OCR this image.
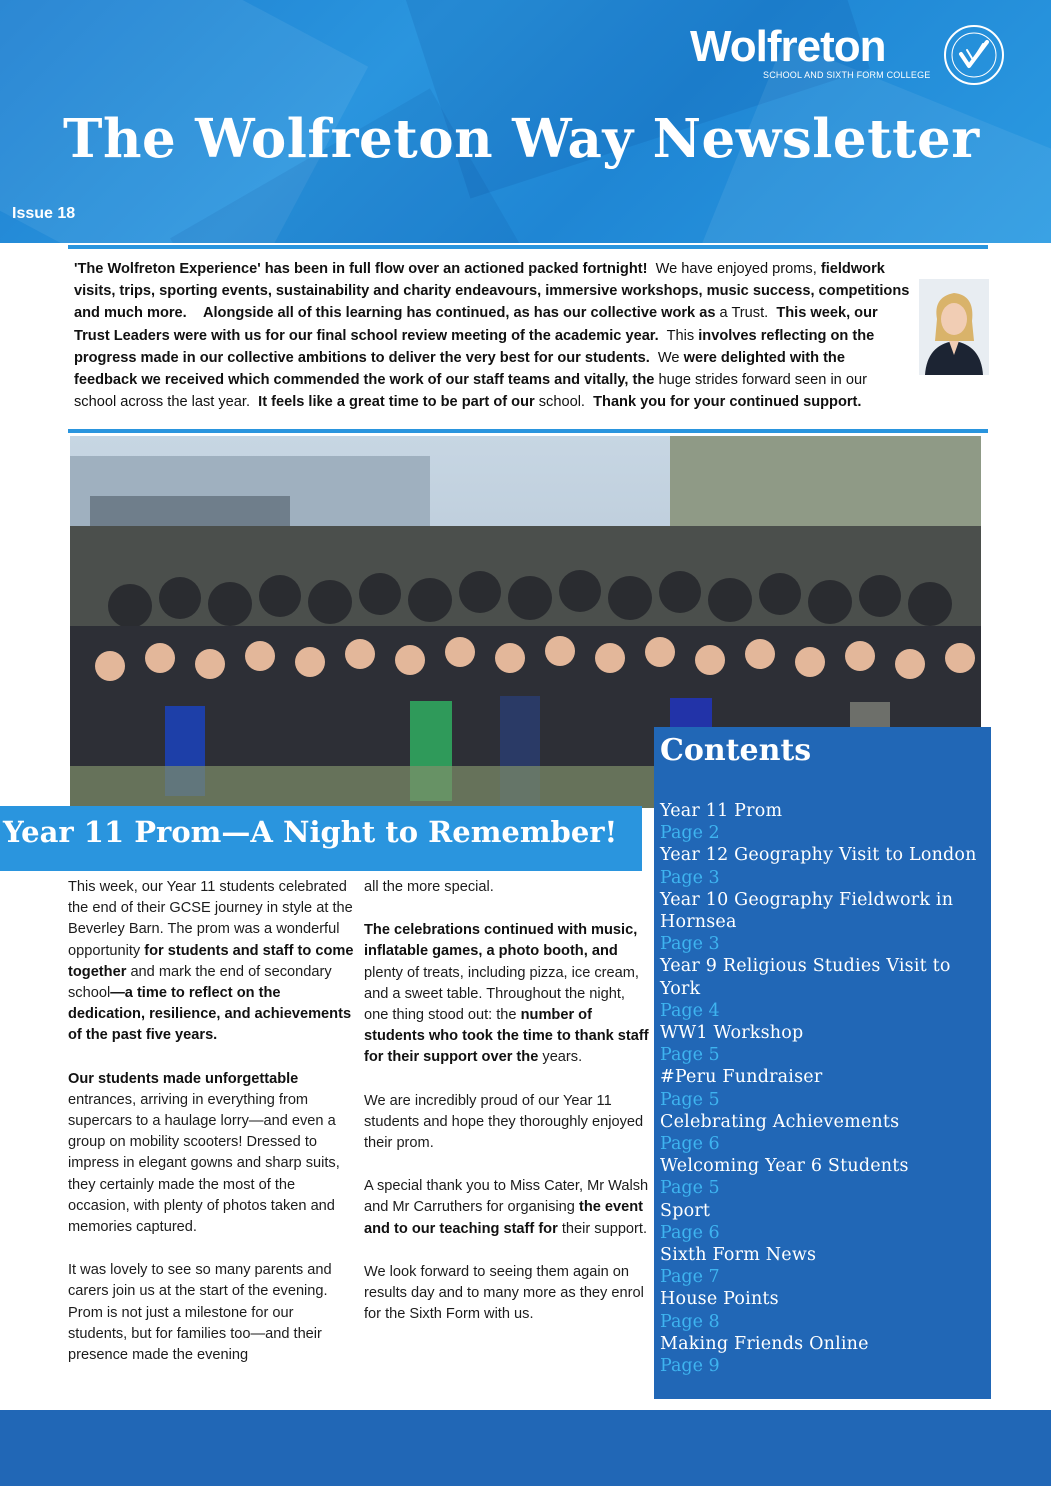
Wolfreton
SCHOOL AND SIXTH FORM COLLEGE
The Wolfreton Way Newsletter
Issue 18
'The Wolfreton Experience' has been in full flow over an actioned packed fortnight! We have enjoyed proms, fieldwork visits, trips, sporting events, sustainability and charity endeavours, immersive workshops, music success, competitions and much more. Alongside all of this learning has continued, as has our collective work as a Trust. This week, our Trust Leaders were with us for our final school review meeting of the academic year. This involves reflecting on the progress made in our collective ambitions to deliver the very best for our students. We were delighted with the feedback we received which commended the work of our staff teams and vitally, the huge strides forward seen in our school across the last year. It feels like a great time to be part of our school. Thank you for your continued support.
Contents
Year 11 Prom
Page 2
Year 12 Geography Visit to London
Page 3
Year 10 Geography Fieldwork in Hornsea
Page 3
Year 9 Religious Studies Visit to York
Page 4
WW1 Workshop
Page 5
#Peru Fundraiser
Page 5
Celebrating Achievements
Page 6
Welcoming Year 6 Students
Page 5
Sport
Page 6
Sixth Form News
Page 7
House Points
Page 8
Making Friends Online
Page 9
Year 11 Prom—A Night to Remember!

This week, our Year 11 students celebrated the end of their GCSE journey in style at the Beverley Barn. The prom was a wonderful opportunity for students and staff to come together and mark the end of secondary school—a time to reflect on the dedication, resilience, and achievements of the past five years.

Our students made unforgettable entrances, arriving in everything from supercars to a haulage lorry—and even a group on mobility scooters! Dressed to impress in elegant gowns and sharp suits, they certainly made the most of the occasion, with plenty of photos taken and memories captured.

It was lovely to see so many parents and carers join us at the start of the evening. Prom is not just a milestone for our students, but for families too—and their presence made the evening

all the more special.

The celebrations continued with music, inflatable games, a photo booth, and plenty of treats, including pizza, ice cream, and a sweet table. Throughout the night, one thing stood out: the number of students who took the time to thank staff for their support over the years.

We are incredibly proud of our Year 11 students and hope they thoroughly enjoyed their prom.

A special thank you to Miss Cater, Mr Walsh and Mr Carruthers for organising the event and to our teaching staff for their support.

We look forward to seeing them again on results day and to many more as they enrol for the Sixth Form with us.
